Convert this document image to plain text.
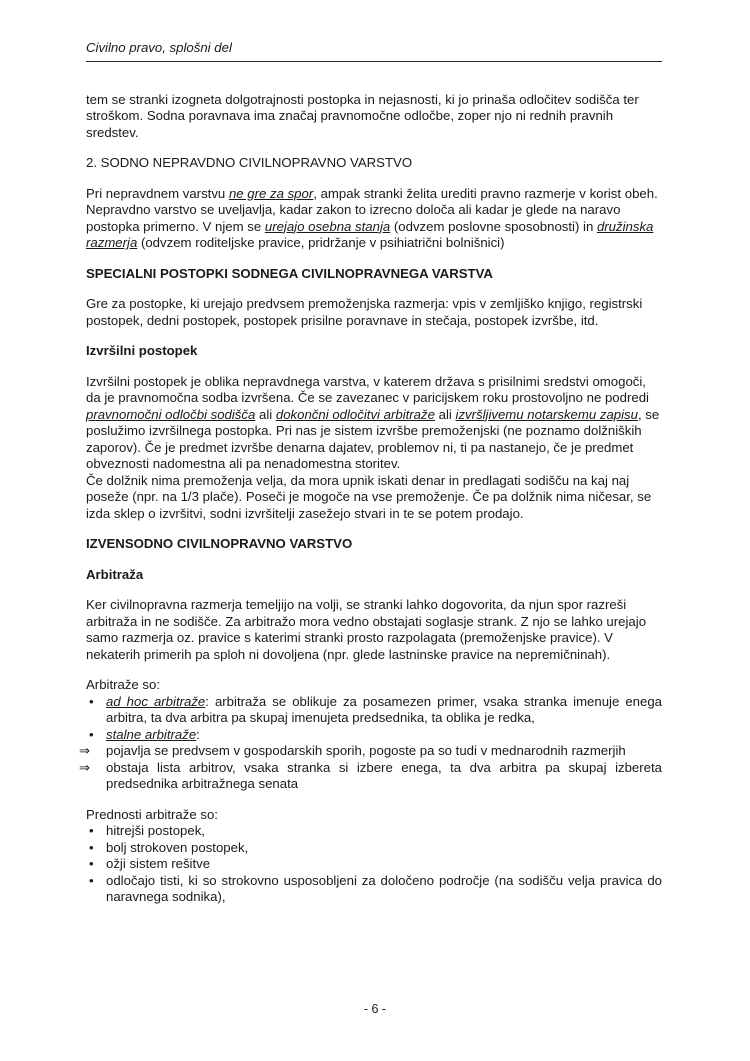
Civilno pravo, splošni del

tem se stranki izogneta dolgotrajnosti postopka in nejasnosti, ki jo prinaša odločitev sodišča ter stroškom. Sodna poravnava ima značaj pravnomočne odločbe, zoper njo ni rednih pravnih sredstev.

2. SODNO NEPRAVDNO CIVILNOPRAVNO VARSTVO

Pri nepravdnem varstvu ne gre za spor, ampak stranki želita urediti pravno razmerje v korist obeh. Nepravdno varstvo se uveljavlja, kadar zakon to izrecno določa ali kadar je glede na naravo postopka primerno. V njem se urejajo osebna stanja (odvzem poslovne sposobnosti) in družinska razmerja (odvzem roditeljske pravice, pridržanje v psihiatrični bolnišnici)

SPECIALNI POSTOPKI SODNEGA CIVILNOPRAVNEGA VARSTVA

Gre za postopke, ki urejajo predvsem premoženjska razmerja: vpis v zemljiško knjigo, registrski postopek, dedni postopek, postopek prisilne poravnave in stečaja, postopek izvršbe, itd.

Izvršilni postopek

Izvršilni postopek je oblika nepravdnega varstva, v katerem država s prisilnimi sredstvi omogoči, da je pravnomočna sodba izvršena. Če se zavezanec v paricijskem roku prostovoljno ne podredi pravnomočni odločbi sodišča ali dokončni odločitvi arbitraže ali izvršljivemu notarskemu zapisu, se poslužimo izvršilnega postopka. Pri nas je sistem izvršbe premoženjski (ne poznamo dolžniških zaporov). Če je predmet izvršbe denarna dajatev, problemov ni, ti pa nastanejo, če je predmet obveznosti nadomestna ali pa nenadomestna storitev.

Če dolžnik nima premoženja velja, da mora upnik iskati denar in predlagati sodišču na kaj naj poseže (npr. na 1/3 plače). Poseči je mogoče na vse premoženje. Če pa dolžnik nima ničesar, se izda sklep o izvršitvi, sodni izvršitelji zasežejo stvari in te se potem prodajo.

IZVENSODNO CIVILNOPRAVNO VARSTVO

Arbitraža

Ker civilnopravna razmerja temeljijo na volji, se stranki lahko dogovorita, da njun spor razreši arbitraža in ne sodišče. Za arbitražo mora vedno obstajati soglasje strank. Z njo se lahko urejajo samo razmerja oz. pravice s katerimi stranki prosto razpolagata (premoženjske pravice). V nekaterih primerih pa sploh ni dovoljena (npr. glede lastninske pravice na nepremičninah).

Arbitraže so:

• ad hoc arbitraže: arbitraža se oblikuje za posamezen primer, vsaka stranka imenuje enega arbitra, ta dva arbitra pa skupaj imenujeta predsednika, ta oblika je redka,
• stalne arbitraže:
⇒	pojavlja se predvsem v gospodarskih sporih, pogoste pa so tudi v mednarodnih razmerjih
⇒	obstaja lista arbitrov, vsaka stranka si izbere enega, ta dva arbitra pa skupaj izbereta predsednika arbitražnega senata

Prednosti arbitraže so:

• hitrejši postopek,
• bolj strokoven postopek,
• ožji sistem rešitve
• odločajo tisti, ki so strokovno usposobljeni za določeno področje (na sodišču velja pravica do naravnega sodnika),
- 6 -
